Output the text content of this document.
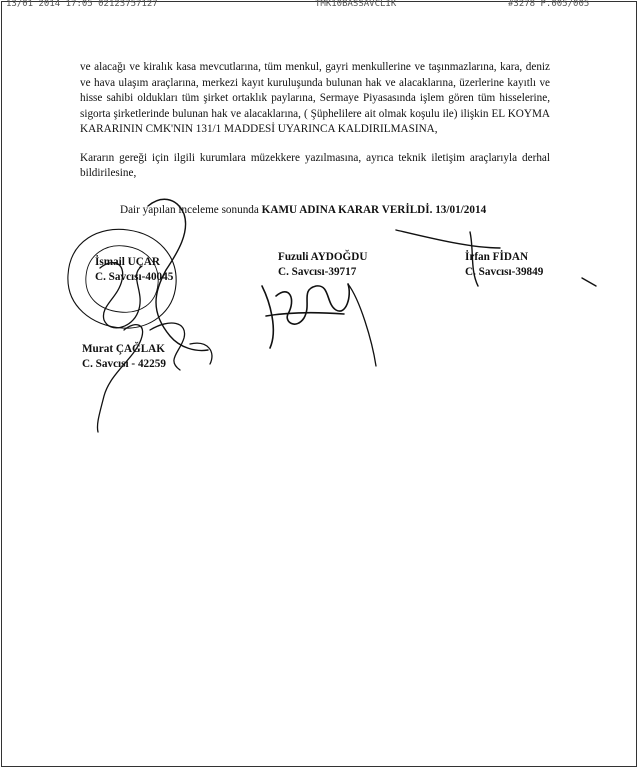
13/01 2014 17:05 02123757127	TMK10BASSAVCLIK	#3278 P.005/005

ve alacağı ve kiralık kasa mevcutlarına, tüm menkul, gayri menkullerine ve taşınmazlarına, kara, deniz ve hava ulaşım araçlarına, merkezi kayıt kuruluşunda bulunan hak ve alacaklarına, üzerlerine kayıtlı ve hisse sahibi oldukları tüm şirket ortaklık paylarına, Sermaye Piyasasında işlem gören tüm hisselerine, sigorta şirketlerinde bulunan hak ve alacaklarına, ( Şüphelilere ait olmak koşulu ile) ilişkin EL KOYMA KARARININ CMK'NIN 131/1 MADDESİ UYARINCA KALDIRILMASINA,

Kararın gereği için ilgili kurumlara müzekkere yazılmasına, ayrıca teknik iletişim araçlarıyla derhal bildirilesine,

Dair yapılan inceleme sonunda KAMU ADINA KARAR VERİLDİ. 13/01/2014
İsmail UÇAR
C. Savcısı-40045
Fuzuli AYDOĞDU
C. Savcısı-39717
İrfan FİDAN
C. Savcısı-39849
Murat ÇAĞLAK
C. Savcısı - 42259
